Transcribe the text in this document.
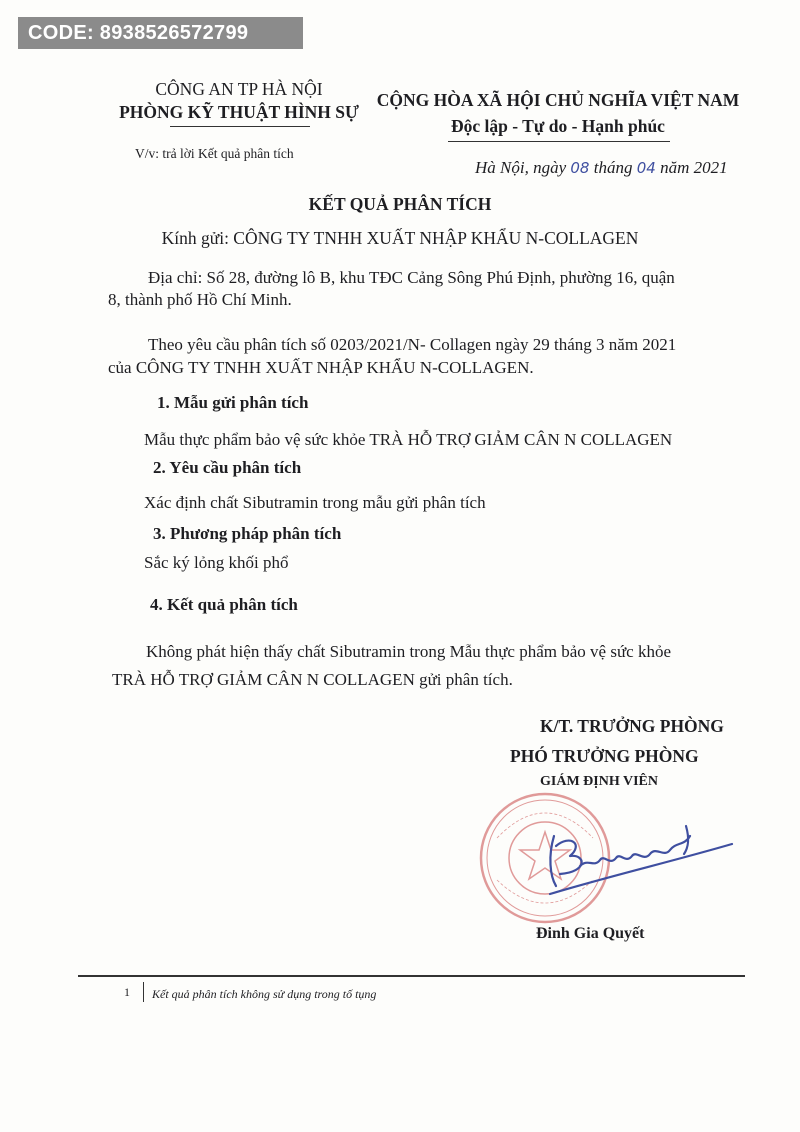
CODE: 8938526572799
CÔNG AN TP HÀ NỘI
PHÒNG KỸ THUẬT HÌNH SỰ
CỘNG HÒA XÃ HỘI CHỦ NGHĨA VIỆT NAM
Độc lập - Tự do - Hạnh phúc
V/v: trả lời Kết quả phân tích
Hà Nội, ngày 08 tháng 04 năm 2021
KẾT QUẢ PHÂN TÍCH
Kính gửi: CÔNG TY TNHH XUẤT NHẬP KHẨU N-COLLAGEN
Địa chỉ: Số 28, đường lô B, khu TĐC Cảng Sông Phú Định, phường 16, quận
8, thành phố Hồ Chí Minh.
Theo yêu cầu phân tích số 0203/2021/N- Collagen ngày 29 tháng 3 năm 2021
của CÔNG TY TNHH XUẤT NHẬP KHẨU N-COLLAGEN.
1. Mẫu gửi phân tích
Mẫu thực phẩm bảo vệ sức khỏe TRÀ HỖ TRỢ GIẢM CÂN N COLLAGEN
2. Yêu cầu phân tích
Xác định chất Sibutramin trong mẫu gửi phân tích
3. Phương pháp phân tích
Sắc ký lỏng khối phổ
4. Kết quả phân tích
Không phát hiện thấy chất Sibutramin trong Mẫu thực phẩm bảo vệ sức khỏe
TRÀ HỖ TRỢ GIẢM CÂN N COLLAGEN gửi phân tích.
K/T. TRƯỞNG PHÒNG
PHÓ TRƯỞNG PHÒNG
GIÁM ĐỊNH VIÊN
Đinh Gia Quyết
1 Kết quả phân tích không sử dụng trong tố tụng
